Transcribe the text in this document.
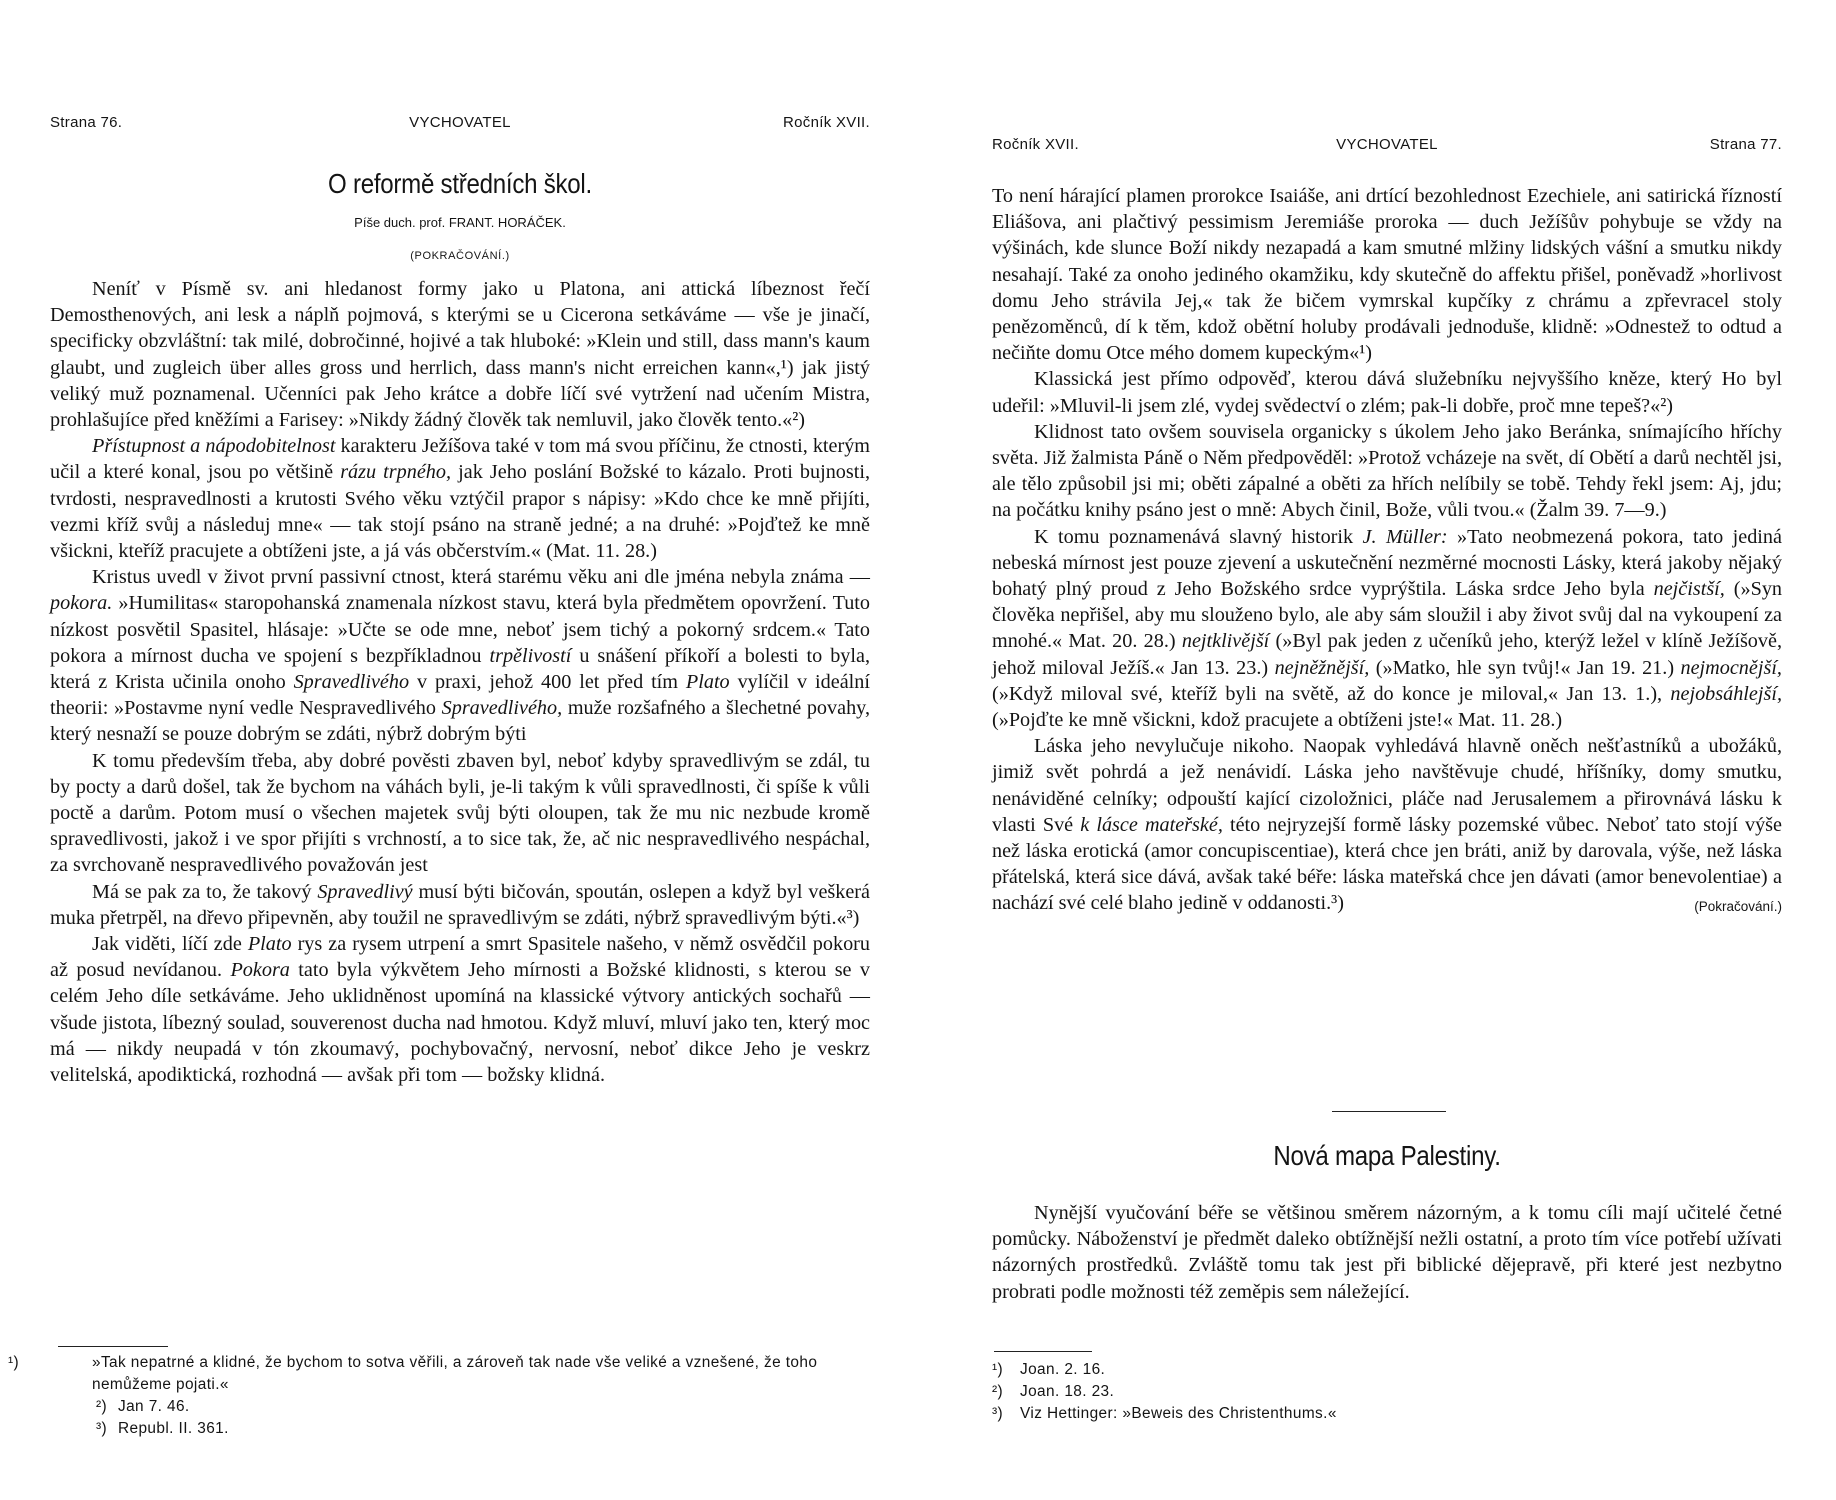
Strana 76.	VYCHOVATEL	Ročník XVII.
O reformě středních škol.
Píše duch. prof. FRANT. HORÁČEK.
(POKRAČOVÁNÍ.)

Neníť v Písmě sv. ani hledanost formy jako u Platona, ani attická líbeznost řečí Demosthenových, ani lesk a náplň pojmová, s kterými se u Cicerona setkáváme — vše je jinačí, specificky obzvláštní: tak milé, dobročinné, hojivé a tak hluboké: »Klein und still, dass mann's kaum glaubt, und zugleich über alles gross und herrlich, dass mann's nicht erreichen kann«,¹) jak jistý veliký muž poznamenal. Učenníci pak Jeho krátce a dobře líčí své vytržení nad učením Mistra, prohlašujíce před kněžími a Farisey: »Nikdy žádný člověk tak nemluvil, jako člověk tento.«²)

Přístupnost a nápodobitelnost karakteru Ježíšova také v tom má svou příčinu, že ctnosti, kterým učil a které konal, jsou po většině rázu trpného, jak Jeho poslání Božské to kázalo. Proti bujnosti, tvrdosti, nespravedlnosti a krutosti Svého věku vztýčil prapor s nápisy: »Kdo chce ke mně přijíti, vezmi kříž svůj a následuj mne« — tak stojí psáno na straně jedné; a na druhé: »Pojďtež ke mně všickni, kteříž pracujete a obtíženi jste, a já vás občerstvím.« (Mat. 11. 28.)

Kristus uvedl v život první passivní ctnost, která starému věku ani dle jména nebyla známa — pokora. »Humilitas« staropohanská znamenala nízkost stavu, která byla předmětem opovržení. Tuto nízkost posvětil Spasitel, hlásaje: »Učte se ode mne, neboť jsem tichý a pokorný srdcem.« Tato pokora a mírnost ducha ve spojení s bezpříkladnou trpělivostí u snášení příkoří a bolesti to byla, která z Krista učinila onoho Spravedlivého v praxi, jehož 400 let před tím Plato vylíčil v ideální theorii: »Postavme nyní vedle Nespravedlivého Spravedlivého, muže rozšafného a šlechetné povahy, který nesnaží se pouze dobrým se zdáti, nýbrž dobrým býti

K tomu především třeba, aby dobré pověsti zbaven byl, neboť kdyby spravedlivým se zdál, tu by pocty a darů došel, tak že bychom na váhách byli, je-li takým k vůli spravedlnosti, či spíše k vůli poctě a darům. Potom musí o všechen majetek svůj býti oloupen, tak že mu nic nezbude kromě spravedlivosti, jakož i ve spor přijíti s vrchností, a to sice tak, že, ač nic nespravedlivého nespáchal, za svrchovaně nespravedlivého považován jest

Má se pak za to, že takový Spravedlivý musí býti bičován, spoután, oslepen a když byl veškerá muka přetrpěl, na dřevo připevněn, aby toužil ne spravedlivým se zdáti, nýbrž spravedlivým býti.«³)

Jak viděti, líčí zde Plato rys za rysem utrpení a smrt Spasitele našeho, v němž osvědčil pokoru až posud nevídanou. Pokora tato byla výkvětem Jeho mírnosti a Božské klidnosti, s kterou se v celém Jeho díle setkáváme. Jeho uklidněnost upomíná na klassické výtvory antických sochařů — všude jistota, líbezný soulad, souverenost ducha nad hmotou. Když mluví, mluví jako ten, který moc má — nikdy neupadá v tón zkoumavý, pochybovačný, nervosní, neboť dikce Jeho je veskrz velitelská, apodiktická, rozhodná — avšak při tom — božsky klidná.

¹)	»Tak nepatrné a klidné, že bychom to sotva věřili, a zároveň tak nade vše veliké a vznešené, že toho nemůžeme pojati.«
²) Jan 7. 46.
³) Republ. II. 361.
Ročník XVII.	VYCHOVATEL	Strana 77.

To není hárající plamen prorokce Isaiáše, ani drtící bezohlednost Ezechiele, ani satirická řízností Eliášova, ani plačtivý pessimism Jeremiáše proroka — duch Ježíšův pohybuje se vždy na výšinách, kde slunce Boží nikdy nezapadá a kam smutné mlžiny lidských vášní a smutku nikdy nesahají. Také za onoho jediného okamžiku, kdy skutečně do affektu přišel, poněvadž »horlivost domu Jeho strávila Jej,« tak že bičem vymrskal kupčíky z chrámu a zpřevracel stoly penězoměnců, dí k těm, kdož obětní holuby prodávali jednoduše, klidně: »Odnestež to odtud a nečiňte domu Otce mého domem kupeckým«¹)

Klassická jest přímo odpověď, kterou dává služebníku nejvyššího kněze, který Ho byl udeřil: »Mluvil-li jsem zlé, vydej svědectví o zlém; pak-li dobře, proč mne tepeš?«²)

Klidnost tato ovšem souvisela organicky s úkolem Jeho jako Beránka, snímajícího hříchy světa. Již žalmista Páně o Něm předpověděl: »Protož vcházeje na svět, dí Obětí a darů nechtěl jsi, ale tělo způsobil jsi mi; oběti zápalné a oběti za hřích nelíbily se tobě. Tehdy řekl jsem: Aj, jdu; na počátku knihy psáno jest o mně: Abych činil, Bože, vůli tvou.« (Žalm 39. 7—9.)

K tomu poznamenává slavný historik J. Müller: »Tato neobmezená pokora, tato jediná nebeská mírnost jest pouze zjevení a uskutečnění nezměrné mocnosti Lásky, která jakoby nějaký bohatý plný proud z Jeho Božského srdce vyprýštila. Láska srdce Jeho byla nejčistší, (»Syn člověka nepřišel, aby mu slouženo bylo, ale aby sám sloužil i aby život svůj dal na vykoupení za mnohé.« Mat. 20. 28.) nejtklivější (»Byl pak jeden z učeníků jeho, kterýž ležel v klíně Ježíšově, jehož miloval Ježíš.« Jan 13. 23.) nejněžnější, (»Matko, hle syn tvůj!« Jan 19. 21.) nejmocnější, (»Když miloval své, kteříž byli na světě, až do konce je miloval,« Jan 13. 1.), nejobsáhlejší, (»Pojďte ke mně všickni, kdož pracujete a obtíženi jste!« Mat. 11. 28.)

Láska jeho nevylučuje nikoho. Naopak vyhledává hlavně oněch nešťastníků a ubožáků, jimiž svět pohrdá a jež nenávidí. Láska jeho navštěvuje chudé, hříšníky, domy smutku, nenáviděné celníky; odpouští kající cizoložnici, pláče nad Jerusalemem a přirovnává lásku k vlasti Své k lásce mateřské, této nejryzejší formě lásky pozemské vůbec. Neboť tato stojí výše než láska erotická (amor concupiscentiae), která chce jen bráti, aniž by darovala, výše, než láska přátelská, která sice dává, avšak také béře: láska mateřská chce jen dávati (amor benevolentiae) a nachází své celé blaho jedině v oddanosti.³)	(Pokračování.)

Nová mapa Palestiny.

Nynější vyučování béře se většinou směrem názorným, a k tomu cíli mají učitelé četné pomůcky. Náboženství je předmět daleko obtížnější nežli ostatní, a proto tím více potřebí užívati názorných prostředků. Zvláště tomu tak jest při biblické dějepravě, při které jest nezbytno probrati podle možnosti též zeměpis sem náležející.

¹) Joan. 2. 16.
²) Joan. 18. 23.
³) Viz Hettinger: »Beweis des Christenthums.«
